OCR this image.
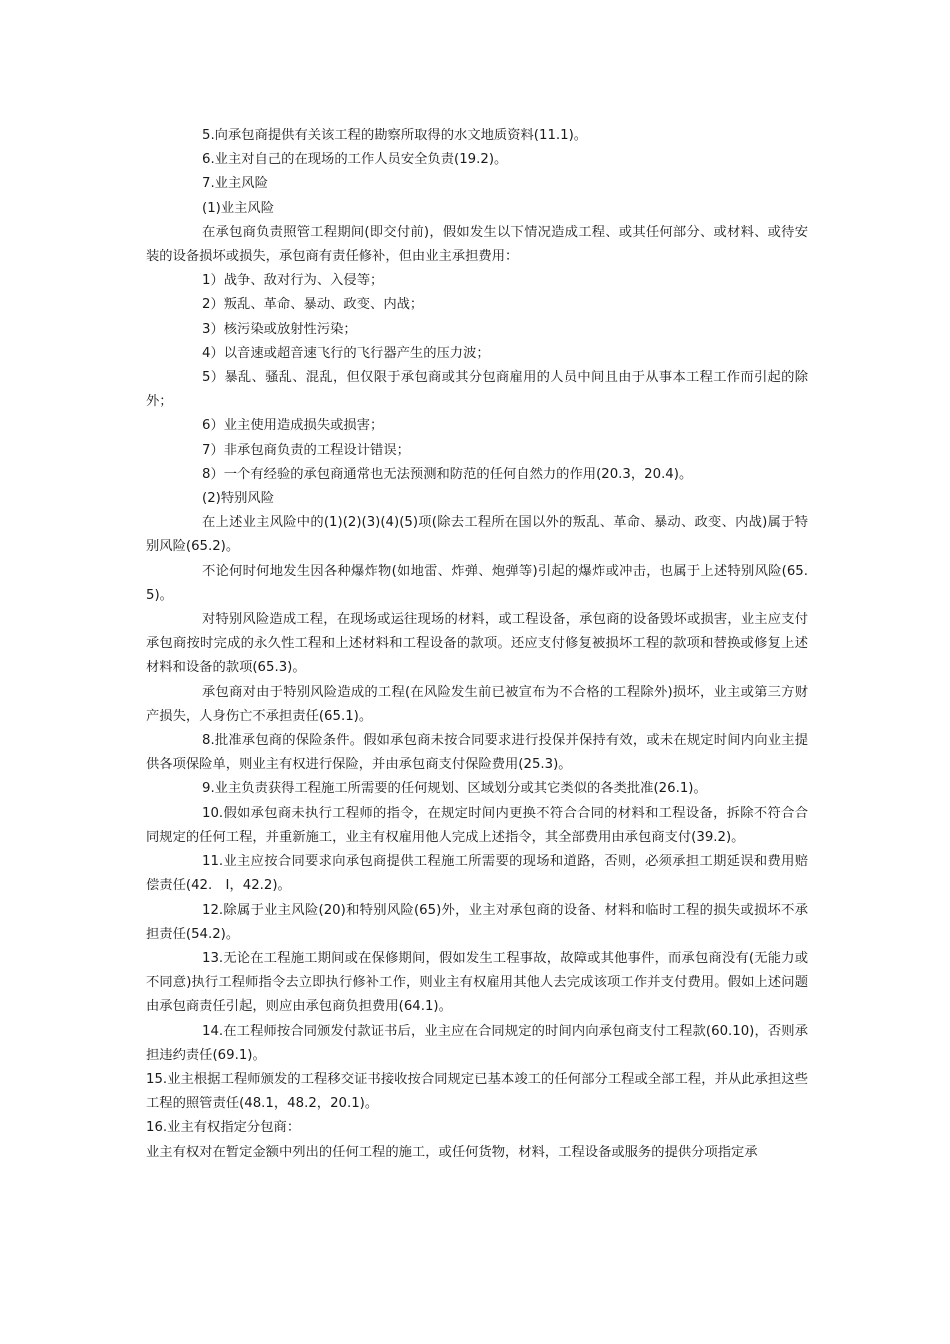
5.向承包商提供有关该工程的勘察所取得的水文地质资料(11.1)。

6.业主对自己的在现场的工作人员安全负责(19.2)。

7.业主风险

(1)业主风险

在承包商负责照管工程期间(即交付前)，假如发生以下情况造成工程、或其任何部分、或材料、或待安装的设备损坏或损失，承包商有责任修补，但由业主承担费用：

1）战争、敌对行为、入侵等；

2）叛乱、革命、暴动、政变、内战；

3）核污染或放射性污染；

4）以音速或超音速飞行的飞行器产生的压力波；

5）暴乱、骚乱、混乱，但仅限于承包商或其分包商雇用的人员中间且由于从事本工程工作而引起的除外；

6）业主使用造成损失或损害；

7）非承包商负责的工程设计错误；

8）一个有经验的承包商通常也无法预测和防范的任何自然力的作用(20.3，20.4)。

(2)特别风险

在上述业主风险中的(1)(2)(3)(4)(5)项(除去工程所在国以外的叛乱、革命、暴动、政变、内战)属于特别风险(65.2)。

不论何时何地发生因各种爆炸物(如地雷、炸弹、炮弹等)引起的爆炸或冲击，也属于上述特别风险(65.5)。

对特别风险造成工程，在现场或运往现场的材料，或工程设备，承包商的设备毁坏或损害，业主应支付承包商按时完成的永久性工程和上述材料和工程设备的款项。还应支付修复被损坏工程的款项和替换或修复上述材料和设备的款项(65.3)。

承包商对由于特别风险造成的工程(在风险发生前已被宣布为不合格的工程除外)损坏，业主或第三方财产损失，人身伤亡不承担责任(65.1)。

8.批准承包商的保险条件。假如承包商未按合同要求进行投保并保持有效，或未在规定时间内向业主提供各项保险单，则业主有权进行保险，并由承包商支付保险费用(25.3)。

9.业主负责获得工程施工所需要的任何规划、区域划分或其它类似的各类批准(26.1)。

10.假如承包商未执行工程师的指令，在规定时间内更换不符合合同的材料和工程设备，拆除不符合合同规定的任何工程，并重新施工，业主有权雇用他人完成上述指令，其全部费用由承包商支付(39.2)。

11.业主应按合同要求向承包商提供工程施工所需要的现场和道路，否则，必须承担工期延误和费用赔偿责任(42.　I，42.2)。

12.除属于业主风险(20)和特别风险(65)外，业主对承包商的设备、材料和临时工程的损失或损坏不承担责任(54.2)。

13.无论在工程施工期间或在保修期间，假如发生工程事故，故障或其他事件，而承包商没有(无能力或不同意)执行工程师指令去立即执行修补工作，则业主有权雇用其他人去完成该项工作并支付费用。假如上述问题由承包商责任引起，则应由承包商负担费用(64.1)。

14.在工程师按合同颁发付款证书后，业主应在合同规定的时间内向承包商支付工程款(60.10)，否则承担违约责任(69.1)。

15.业主根据工程师颁发的工程移交证书接收按合同规定已基本竣工的任何部分工程或全部工程，并从此承担这些工程的照管责任(48.1，48.2，20.1)。

16.业主有权指定分包商：

业主有权对在暂定金额中列出的任何工程的施工，或任何货物，材料，工程设备或服务的提供分项指定承
